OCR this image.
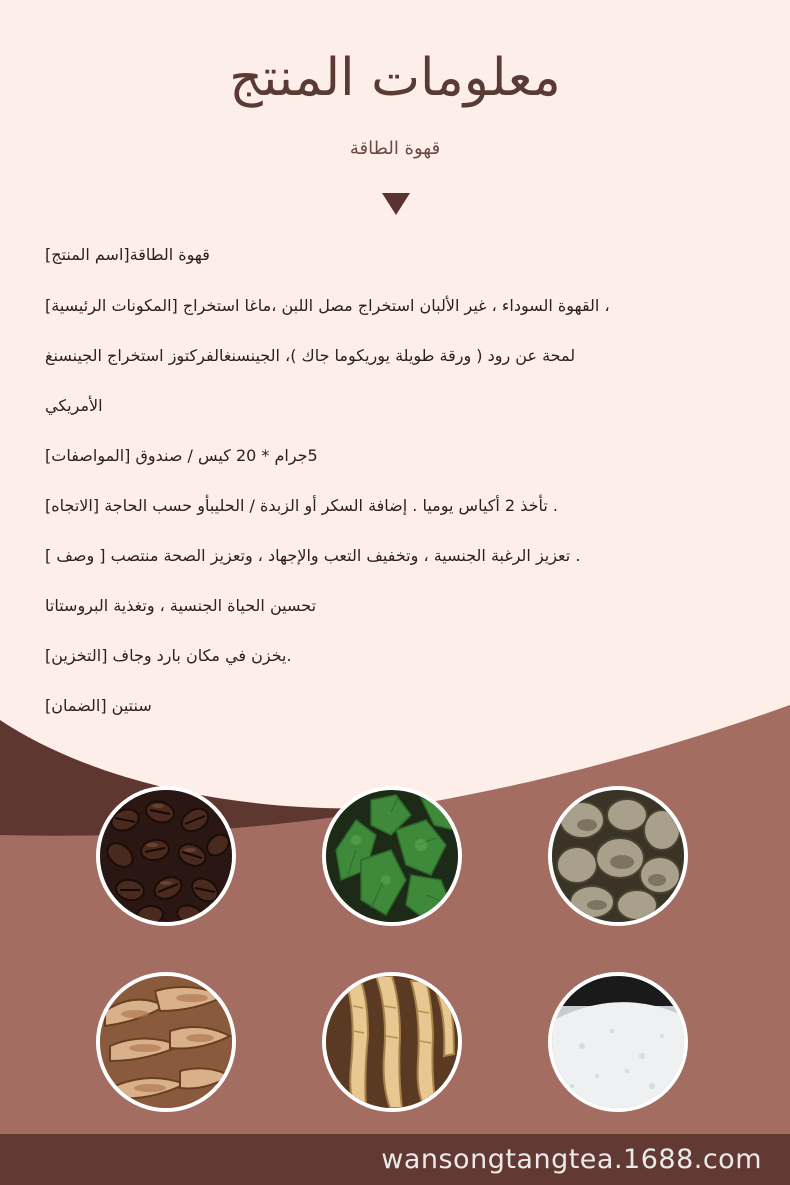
معلومات المنتج
قهوة الطاقة
[اسم المنتج]قهوة الطاقة
[المكونات الرئيسية] القهوة السوداء ، غير الألبان استخراج مصل اللبن ،ماغا استخراج ،
لمحة عن رود ( ورقة طويلة يوريكوما جاك )، الجينسنغالفركتوز استخراج الجينسنغ
الأمريكي
[المواصفات] 5جرام * 20 كيس / صندوق
[الاتجاه] تأخذ 2 أكياس يوميا . إضافة السكر أو الزبدة / الحليبأو حسب الحاجة .
[ وصف ] تعزيز الرغبة الجنسية ، وتخفيف التعب والإجهاد ، وتعزيز الصحة منتصب .
تحسين الحياة الجنسية ، وتغذية البروستاتا
[التخزين] يخزن في مكان بارد وجاف.
[الضمان] سنتين
wansongtangtea.1688.com
